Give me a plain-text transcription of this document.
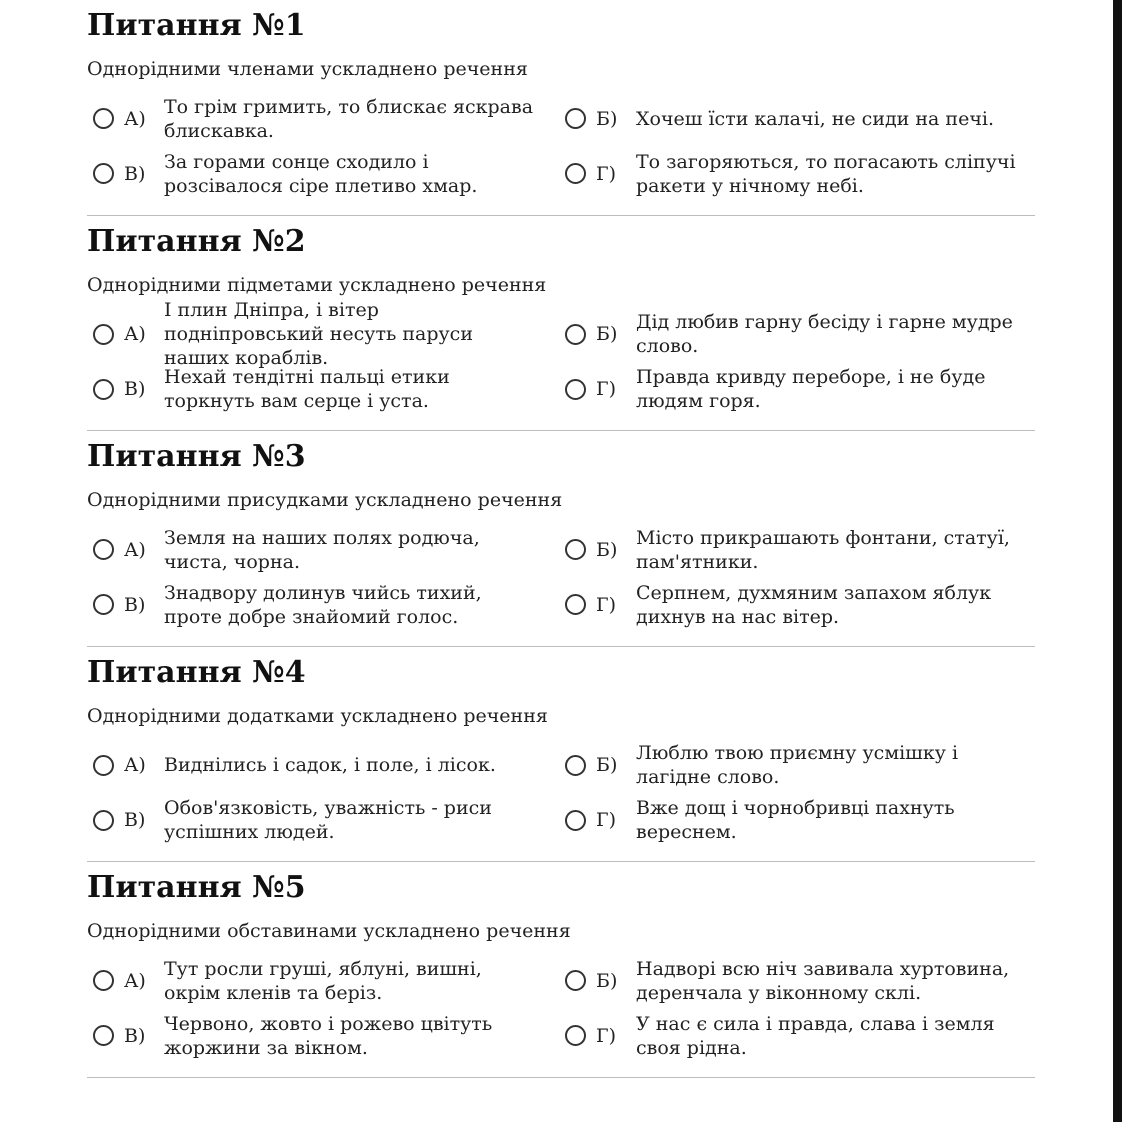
Питання №1
Однорідними членами ускладнено речення
А)
То грім гримить, то блискає яскрава блискавка.
Б) Хочеш їсти калачі, не сиди на печі.
В)
За горами сонце сходило і розсівалося сіре плетиво хмар.
Г)
То загоряються, то погасають сліпучі ракети у нічному небі.
Питання №2
Однорідними підметами ускладнено речення
А)
І плин Дніпра, і вітер подніпровський несуть паруси наших кораблів.
Б)
Дід любив гарну бесіду і гарне мудре слово.
В)
Нехай тендітні пальці етики торкнуть вам серце і уста.
Г)
Правда кривду переборе, і не буде людям горя.
Питання №3
Однорідними присудками ускладнено речення
А)
Земля на наших полях родюча, чиста, чорна.
Б)
Місто прикрашають фонтани, статуї, пам'ятники.
В)
Знадвору долинув чийсь тихий, проте добре знайомий голос.
Г)
Серпнем, духмяним запахом яблук дихнув на нас вітер.
Питання №4
Однорідними додатками ускладнено речення
А) Виднілись і садок, і поле, і лісок.	Б)
Люблю твою приємну усмішку і лагідне слово.
В)
Обов'язковість, уважність - риси успішних людей.
Г)
Вже дощ і чорнобривці пахнуть вереснем.
Питання №5
Однорідними обставинами ускладнено речення
А)
Тут росли груші, яблуні, вишні, окрім кленів та беріз.
Б)
Надворі всю ніч завивала хуртовина, деренчала у віконному склі.
В)
Червоно, жовто і рожево цвітуть жоржини за вікном.
Г)
У нас є сила і правда, слава і земля своя рідна.
